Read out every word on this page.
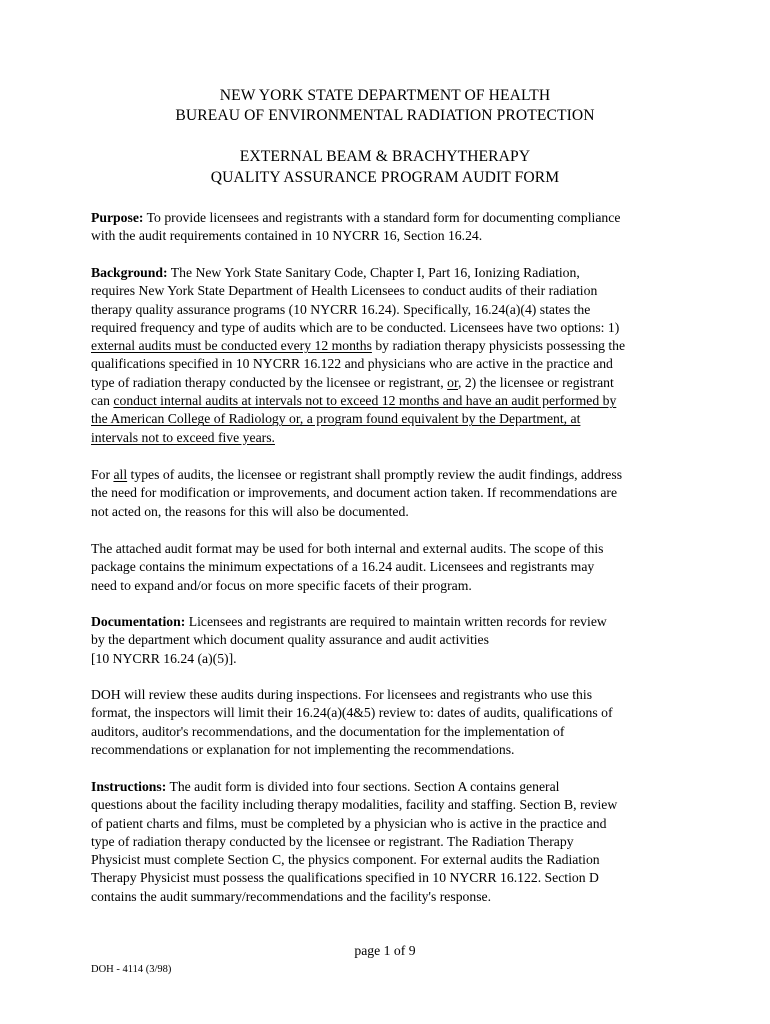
NEW YORK STATE DEPARTMENT OF HEALTH
BUREAU OF ENVIRONMENTAL RADIATION PROTECTION
EXTERNAL BEAM & BRACHYTHERAPY
QUALITY ASSURANCE PROGRAM AUDIT FORM
Purpose: To provide licensees and registrants with a standard form for documenting compliance
with the audit requirements contained in 10 NYCRR 16, Section 16.24.
Background: The New York State Sanitary Code, Chapter I, Part 16, Ionizing Radiation,
requires New York State Department of Health Licensees to conduct audits of their radiation
therapy quality assurance programs (10 NYCRR 16.24). Specifically, 16.24(a)(4) states the
required frequency and type of audits which are to be conducted. Licensees have two options: 1)
external audits must be conducted every 12 months by radiation therapy physicists possessing the
qualifications specified in 10 NYCRR 16.122 and physicians who are active in the practice and
type of radiation therapy conducted by the licensee or registrant, or, 2) the licensee or registrant
can conduct internal audits at intervals not to exceed 12 months and have an audit performed by
the American College of Radiology or, a program found equivalent by the Department, at
intervals not to exceed five years.
For all types of audits, the licensee or registrant shall promptly review the audit findings, address
the need for modification or improvements, and document action taken. If recommendations are
not acted on, the reasons for this will also be documented.
The attached audit format may be used for both internal and external audits. The scope of this
package contains the minimum expectations of a 16.24 audit. Licensees and registrants may
need to expand and/or focus on more specific facets of their program.
Documentation: Licensees and registrants are required to maintain written records for review
by the department which document quality assurance and audit activities
[10 NYCRR 16.24 (a)(5)].
DOH will review these audits during inspections. For licensees and registrants who use this
format, the inspectors will limit their 16.24(a)(4&5) review to: dates of audits, qualifications of
auditors, auditor's recommendations, and the documentation for the implementation of
recommendations or explanation for not implementing the recommendations.
Instructions: The audit form is divided into four sections. Section A contains general
questions about the facility including therapy modalities, facility and staffing. Section B, review
of patient charts and films, must be completed by a physician who is active in the practice and
type of radiation therapy conducted by the licensee or registrant. The Radiation Therapy
Physicist must complete Section C, the physics component. For external audits the Radiation
Therapy Physicist must possess the qualifications specified in 10 NYCRR 16.122. Section D
contains the audit summary/recommendations and the facility's response.
page 1 of 9
DOH - 4114 (3/98)
